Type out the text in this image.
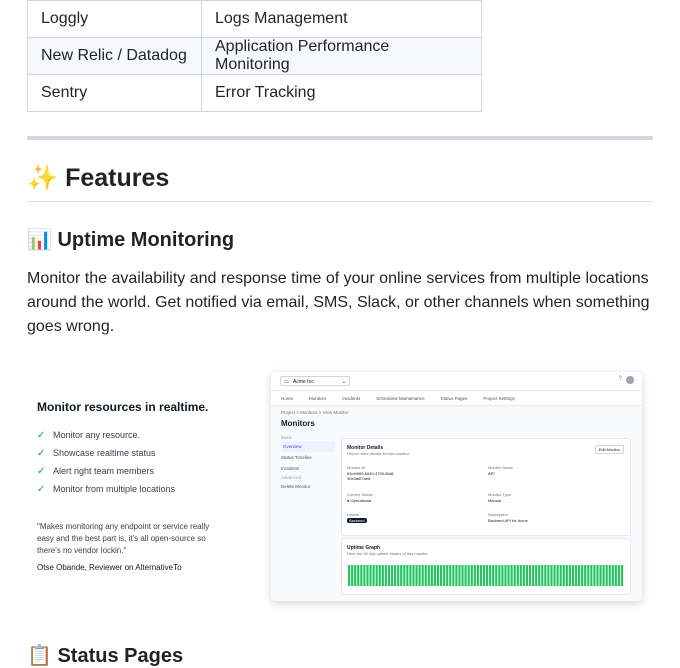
Loggly	Logs Management
New Relic / Datadog	Application Performance Monitoring
Sentry	Error Tracking
✨ Features
📊 Uptime Monitoring

Monitor the availability and response time of your online services from multiple locations around the world. Get notified via email, SMS, Slack, or other channels when something goes wrong.

Monitor resources in realtime.
✓ Monitor any resource.
✓ Showcase realtime status
✓ Alert right team members
✓ Monitor from multiple locations
"Makes monitoring any endpoint or service really easy and the best part is, it's all open-source so there's no vendor lockin."
Otse Obande, Reviewer on AlternativeTo
▭ Acme Inc	⌄	?
Home	Monitors	Incidents	Scheduled Maintenance	Status Pages	Project Settings
Project > Monitors > View Monitor
Monitors
Basic
Overview
Status Timeline
Incidents
Advanced
Delete Monitor
Monitor Details
Here's more details for this monitor.
Edit Monitor
Monitor ID
53c94f99-6040-4759-8fa8-90e3a6f7ae8
Monitor Name
API
Current Status
● Operational
Monitor Type
Manual
Labels
Backend
Description
Backend API for Acme
Uptime Graph
Here the 90 day uptime history of this monitor.
📋 Status Pages
